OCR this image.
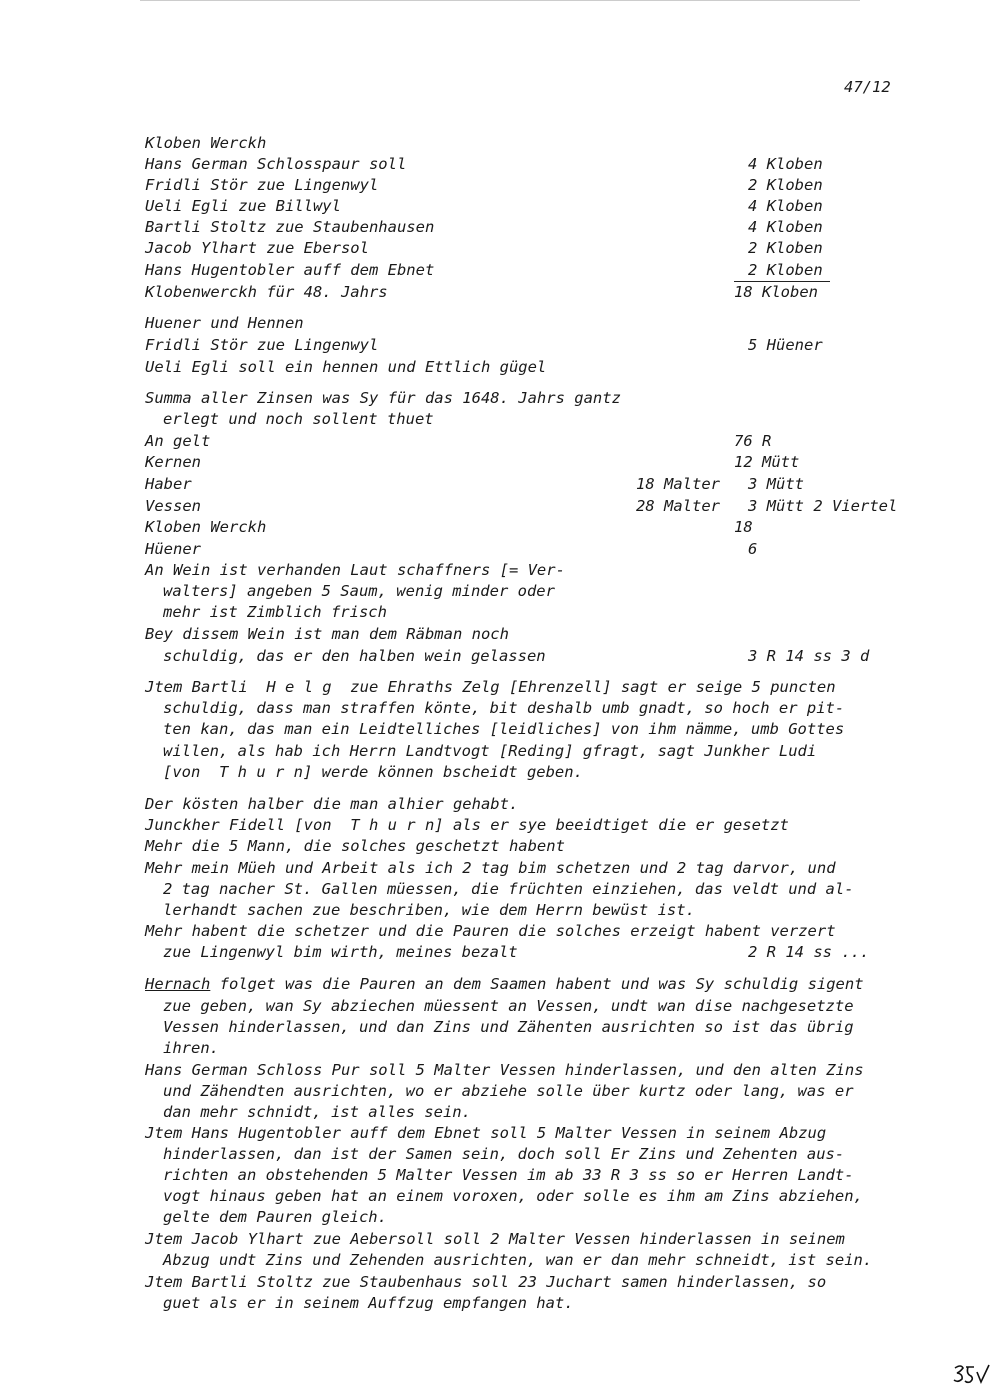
47/12
Kloben Werckh
Hans German Schlosspaur soll	4 Kloben
Fridli Stör zue Lingenwyl	2 Kloben
Ueli Egli zue Billwyl	4 Kloben
Bartli Stoltz zue Staubenhausen	4 Kloben
Jacob Ylhart zue Ebersol	2 Kloben
Hans Hugentobler auff dem Ebnet	2 Kloben
Klobenwerckh für 48. Jahrs	18 Kloben
Huener und Hennen
Fridli Stör zue Lingenwyl	5 Hüener
Ueli Egli soll ein hennen und Ettlich gügel
Summa aller Zinsen was Sy für das 1648. Jahrs gantz
erlegt und noch sollent thuet
An gelt	76 R
Kernen	12 Mütt
Haber	18 Malter 3 Mütt
Vessen	28 Malter 3 Mütt 2 Viertel
Kloben Werckh	18
Hüener	6
An Wein ist verhanden Laut schaffners [= Ver-
walters] angeben 5 Saum, wenig minder oder
mehr ist Zimblich frisch
Bey dissem Wein ist man dem Räbman noch
schuldig, das er den halben wein gelassen	3 R 14 ss 3 d
Jtem Bartli  H e l g  zue Ehraths Zelg [Ehrenzell] sagt er seige 5 puncten
schuldig, dass man straffen könte, bit deshalb umb gnadt, so hoch er pit-
ten kan, das man ein Leidtelliches [leidliches] von ihm nämme, umb Gottes
willen, als hab ich Herrn Landtvogt [Reding] gfragt, sagt Junkher Ludi
[von  T h u r n] werde können bscheidt geben.
Der kösten halber die man alhier gehabt.
Junckher Fidell [von  T h u r n] als er sye beeidtiget die er gesetzt
Mehr die 5 Mann, die solches geschetzt habent
Mehr mein Müeh und Arbeit als ich 2 tag bim schetzen und 2 tag darvor, und
2 tag nacher St. Gallen müessen, die früchten einziehen, das veldt und al-
lerhandt sachen zue beschriben, wie dem Herrn bewüst ist.
Mehr habent die schetzer und die Pauren die solches erzeigt habent verzert
zue Lingenwyl bim wirth, meines bezalt	2 R 14 ss ...
Hernach folget was die Pauren an dem Saamen habent und was Sy schuldig sigent
zue geben, wan Sy abziechen müessent an Vessen, undt wan dise nachgesetzte
Vessen hinderlassen, und dan Zins und Zähenten ausrichten so ist das übrig
ihren.
Hans German Schloss Pur soll 5 Malter Vessen hinderlassen, und den alten Zins
und Zähendten ausrichten, wo er abziehe solle über kurtz oder lang, was er
dan mehr schnidt, ist alles sein.
Jtem Hans Hugentobler auff dem Ebnet soll 5 Malter Vessen in seinem Abzug
hinderlassen, dan ist der Samen sein, doch soll Er Zins und Zehenten aus-
richten an obstehenden 5 Malter Vessen im ab 33 R 3 ss so er Herren Landt-
vogt hinaus geben hat an einem voroxen, oder solle es ihm am Zins abziehen,
gelte dem Pauren gleich.
Jtem Jacob Ylhart zue Aebersoll soll 2 Malter Vessen hinderlassen in seinem
Abzug undt Zins und Zehenden ausrichten, wan er dan mehr schneidt, ist sein.
Jtem Bartli Stoltz zue Staubenhaus soll 23 Juchart samen hinderlassen, so
guet als er in seinem Auffzug empfangen hat.
